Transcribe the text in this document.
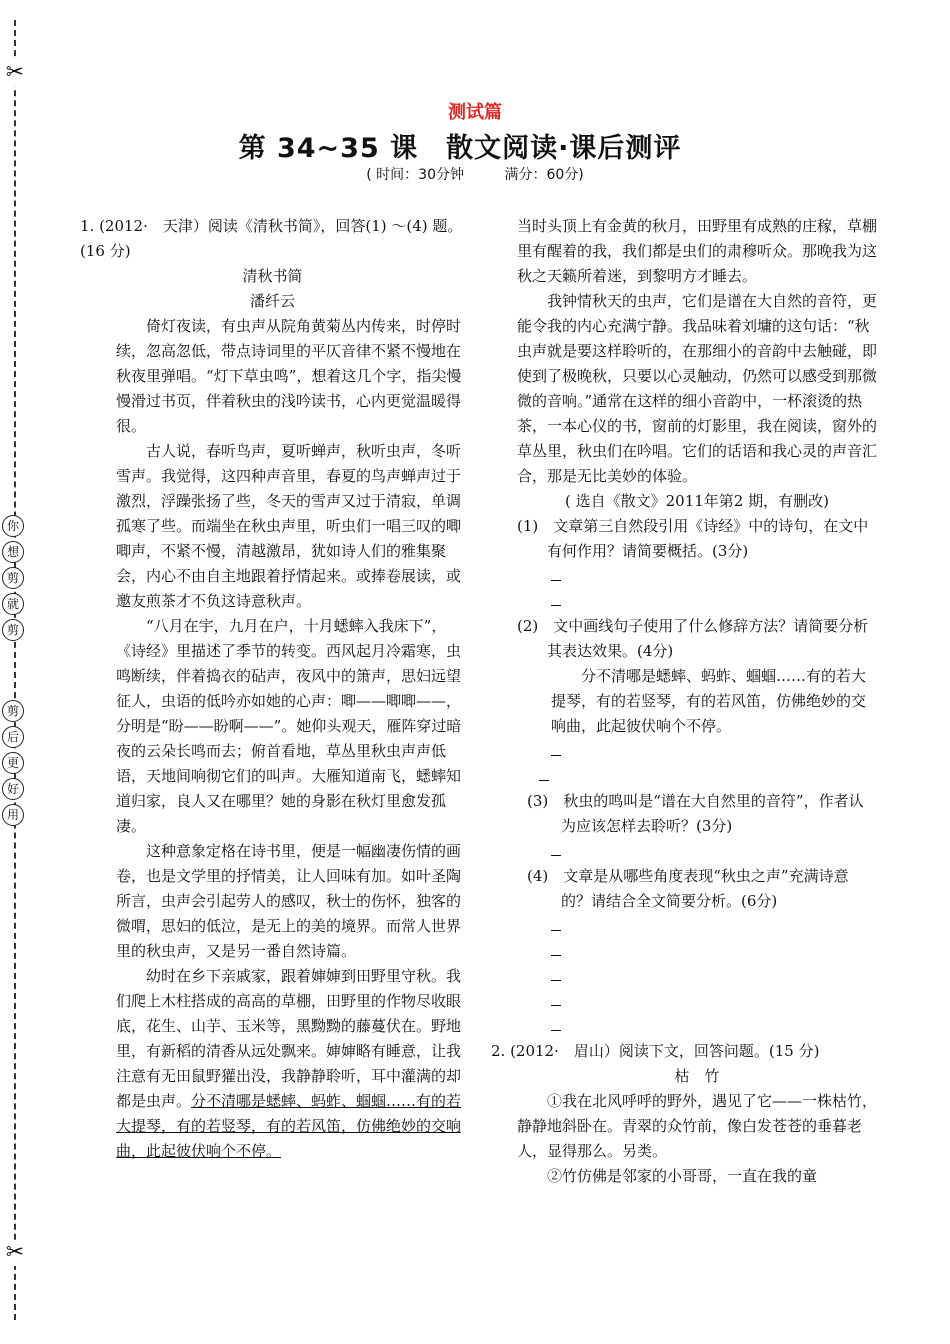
✂
✂
你
想
剪
就
剪
剪
后
更
好
用
测试篇
第 34~35 课　散文阅读·课后测评
( 时间：30分钟	满分：60分)

1. (2012·　天津）阅读《清秋书简》，回答(1) ～(4) 题。(16 分)

清秋书简

潘纤云

倚灯夜读，有虫声从院角黄菊丛内传来，时停时续，忽高忽低，带点诗词里的平仄音律不紧不慢地在秋夜里弹唱。“灯下草虫鸣”，想着这几个字，指尖慢慢滑过书页，伴着秋虫的浅吟读书，心内更觉温暖得很。

古人说，春听鸟声，夏听蝉声，秋听虫声，冬听雪声。我觉得，这四种声音里，春夏的鸟声蝉声过于激烈，浮躁张扬了些，冬天的雪声又过于清寂，单调孤寒了些。而端坐在秋虫声里，听虫们一唱三叹的唧唧声，不紧不慢，清越激昂，犹如诗人们的雅集聚会，内心不由自主地跟着抒情起来。或捧卷展读，或邀友煎茶才不负这诗意秋声。

“八月在宇，九月在户，十月蟋蟀入我床下”，《诗经》里描述了季节的转变。西风起月冷霜寒，虫鸣断续，伴着捣衣的砧声，夜风中的箫声，思妇远望征人，虫语的低吟亦如她的心声：唧——唧唧——，分明是“盼——盼啊——”。她仰头观天，雁阵穿过暗夜的云朵长鸣而去；俯首看地，草丛里秋虫声声低语，天地间响彻它们的叫声。大雁知道南飞，蟋蟀知道归家，良人又在哪里？她的身影在秋灯里愈发孤凄。

这种意象定格在诗书里，便是一幅幽凄伤情的画卷，也是文学里的抒情美，让人回味有加。如叶圣陶所言，虫声会引起劳人的感叹，秋士的伤怀，独客的微喟，思妇的低泣，是无上的美的境界。而常人世界里的秋虫声，又是另一番自然诗篇。

幼时在乡下亲戚家，跟着婶婶到田野里守秋。我们爬上木柱搭成的高高的草棚，田野里的作物尽收眼底，花生、山芋、玉米等，黑黝黝的藤蔓伏在。野地里，有新稻的清香从远处飘来。婶婶略有睡意，让我注意有无田鼠野獾出没，我静静聆听，耳中灌满的却都是虫声。分不清哪是蟋蟀、蚂蚱、蝈蝈……有的若大提琴，有的若竖琴，有的若风笛，仿佛绝妙的交响曲，此起彼伏响个不停。

当时头顶上有金黄的秋月，田野里有成熟的庄稼，草棚里有醒着的我，我们都是虫们的肃穆听众。那晚我为这秋之天籁所着迷，到黎明方才睡去。

我钟情秋天的虫声，它们是谱在大自然的音符，更能令我的内心充满宁静。我品味着刘墉的这句话：“秋虫声就是要这样聆听的，在那细小的音韵中去触碰，即使到了极晚秋，只要以心灵触动，仍然可以感受到那微微的音响。”通常在这样的细小音韵中，一杯滚烫的热茶，一本心仪的书，窗前的灯影里，我在阅读，窗外的草丛里，秋虫们在吟唱。它们的话语和我心灵的声音汇合，那是无比美妙的体验。

( 选自《散文》2011年第2 期，有删改)

(1)　文章第三自然段引用《诗经》中的诗句，在文中有何作用？请简要概括。(3分)

(2)　文中画线句子使用了什么修辞方法？请简要分析其表达效果。(4分)

分不清哪是蟋蟀、蚂蚱、蝈蝈……有的若大提琴，有的若竖琴，有的若风笛，仿佛绝妙的交响曲，此起彼伏响个不停。

(3)　秋虫的鸣叫是“谱在大自然里的音符”，作者认为应该怎样去聆听？(3分)

(4)　文章是从哪些角度表现“秋虫之声”充满诗意的？请结合全文简要分析。(6分)

2. (2012·　眉山）阅读下文，回答问题。(15 分)

枯　竹

①我在北风呼呼的野外，遇见了它——一株枯竹，静静地斜卧在。青翠的众竹前，像白发苍苍的垂暮老人，显得那么。另类。

②竹仿佛是邻家的小哥哥，一直在我的童
